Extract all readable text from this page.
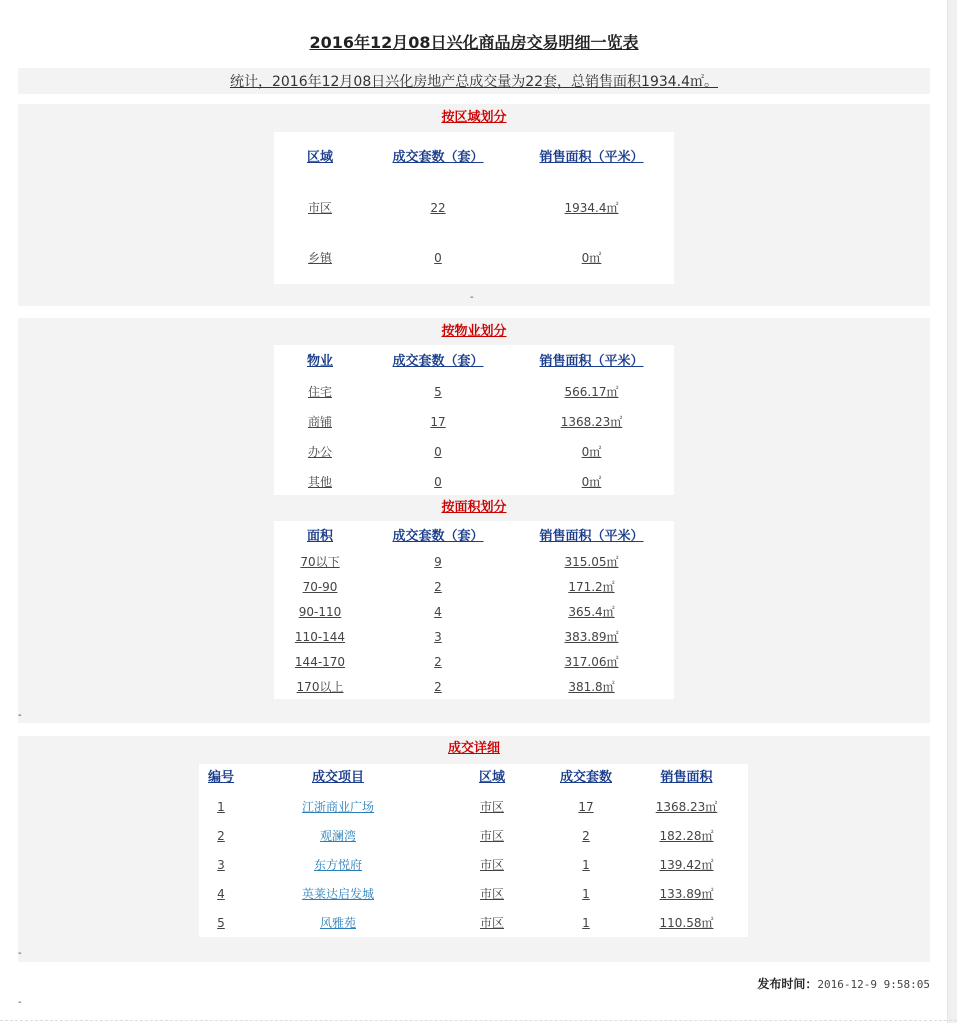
2016年12月08日兴化商品房交易明细一览表
统计，2016年12月08日兴化房地产总成交量为22套，总销售面积1934.4㎡。
按区域划分
区域	成交套数（套）	销售面积（平米）
市区	22	1934.4㎡
乡镇	0	0㎡
-
按物业划分
物业	成交套数（套）	销售面积（平米）
住宅	5	566.17㎡
商铺	17	1368.23㎡
办公	0	0㎡
其他	0	0㎡
按面积划分
面积	成交套数（套）	销售面积（平米）
70以下	9	315.05㎡
70-90	2	171.2㎡
90-110	4	365.4㎡
110-144	3	383.89㎡
144-170	2	317.06㎡
170以上	2	381.8㎡
-
成交详细
编号	成交项目	区域	成交套数	销售面积
1	江浙商业广场	市区	17	1368.23㎡
2	观澜湾	市区	2	182.28㎡
3	东方悦府	市区	1	139.42㎡
4	英莱达启发城	市区	1	133.89㎡
5	风雅苑	市区	1	110.58㎡
-
发布时间：2016-12-9 9:58:05
-
